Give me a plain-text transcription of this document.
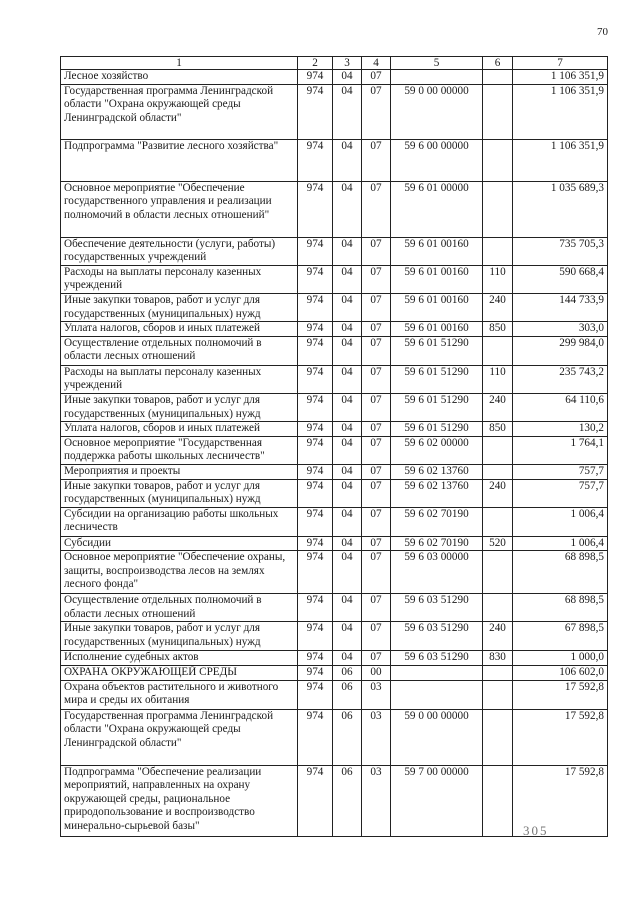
70
1	2	3	4	5	6	7
Лесное хозяйство	974	04	07			1 106 351,9
Государственная программа Ленинградской области "Охрана окружающей среды Ленинградской области"	974	04	07	59 0 00 00000		1 106 351,9
Подпрограмма "Развитие лесного хозяйства"	974	04	07	59 6 00 00000		1 106 351,9
Основное мероприятие "Обеспечение государственного управления и реализации полномочий в области лесных отношений"	974	04	07	59 6 01 00000		1 035 689,3
Обеспечение деятельности (услуги, работы) государственных учреждений	974	04	07	59 6 01 00160		735 705,3
Расходы на выплаты персоналу казенных учреждений	974	04	07	59 6 01 00160	110	590 668,4
Иные закупки товаров, работ и услуг для государственных (муниципальных) нужд	974	04	07	59 6 01 00160	240	144 733,9
Уплата налогов, сборов и иных платежей	974	04	07	59 6 01 00160	850	303,0
Осуществление отдельных полномочий в области лесных отношений	974	04	07	59 6 01 51290		299 984,0
Расходы на выплаты персоналу казенных учреждений	974	04	07	59 6 01 51290	110	235 743,2
Иные закупки товаров, работ и услуг для государственных (муниципальных) нужд	974	04	07	59 6 01 51290	240	64 110,6
Уплата налогов, сборов и иных платежей	974	04	07	59 6 01 51290	850	130,2
Основное мероприятие "Государственная поддержка работы школьных лесничеств"	974	04	07	59 6 02 00000		1 764,1
Мероприятия и проекты	974	04	07	59 6 02 13760		757,7
Иные закупки товаров, работ и услуг для государственных (муниципальных) нужд	974	04	07	59 6 02 13760	240	757,7
Субсидии на организацию работы школьных лесничеств	974	04	07	59 6 02 70190		1 006,4
Субсидии	974	04	07	59 6 02 70190	520	1 006,4
Основное мероприятие "Обеспечение охраны, защиты, воспроизводства лесов на землях лесного фонда"	974	04	07	59 6 03 00000		68 898,5
Осуществление отдельных полномочий в области лесных отношений	974	04	07	59 6 03 51290		68 898,5
Иные закупки товаров, работ и услуг для государственных (муниципальных) нужд	974	04	07	59 6 03 51290	240	67 898,5
Исполнение судебных актов	974	04	07	59 6 03 51290	830	1 000,0
ОХРАНА ОКРУЖАЮЩЕЙ СРЕДЫ	974	06	00			106 602,0
Охрана объектов растительного и животного мира и среды их обитания	974	06	03			17 592,8
Государственная программа Ленинградской области "Охрана окружающей среды Ленинградской области"	974	06	03	59 0 00 00000		17 592,8
Подпрограмма "Обеспечение реализации мероприятий, направленных на охрану окружающей среды, рациональное природопользование и воспроизводство минерально-сырьевой базы"	974	06	03	59 7 00 00000		17 592,8
305
